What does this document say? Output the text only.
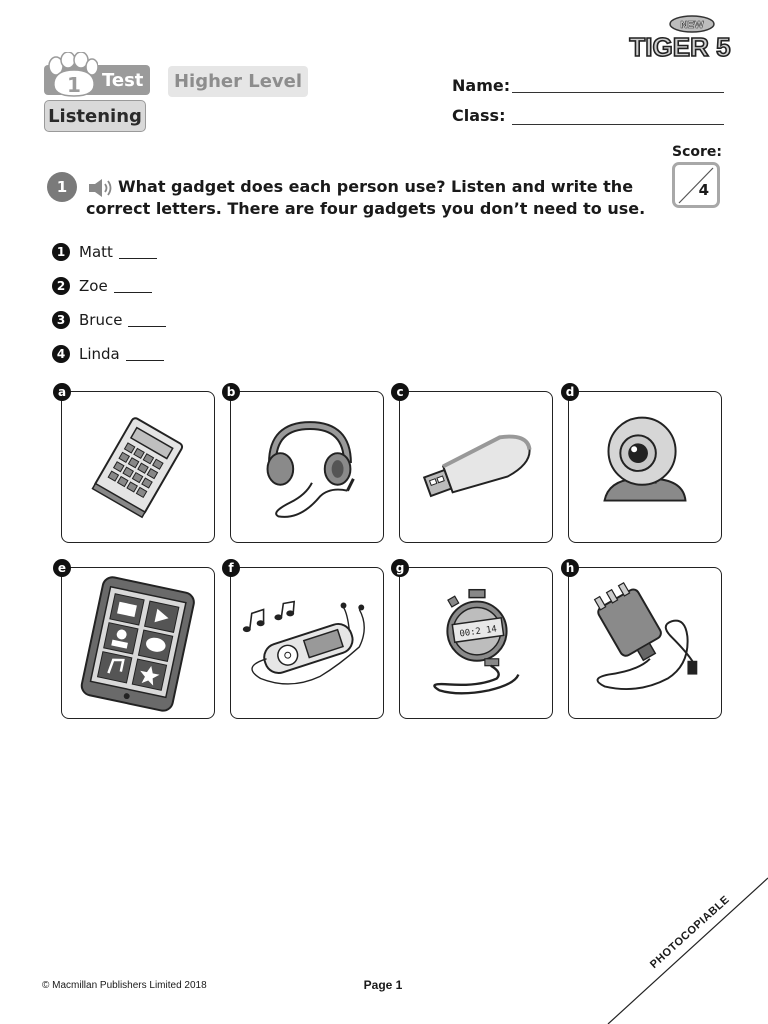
NEW
TIGER 5
1 Test	Higher Level
Listening
Name:
Class:
Score:
4
1	What gadget does each person use? Listen and write the correct letters. There are four gadgets you don’t need to use.
1 Matt
2 Zoe
3 Bruce
4 Linda
a	b	c	d
e	f	g	h
00:2 14
© Macmillan Publishers Limited 2018	Page 1
PHOTOCOPIABLE
